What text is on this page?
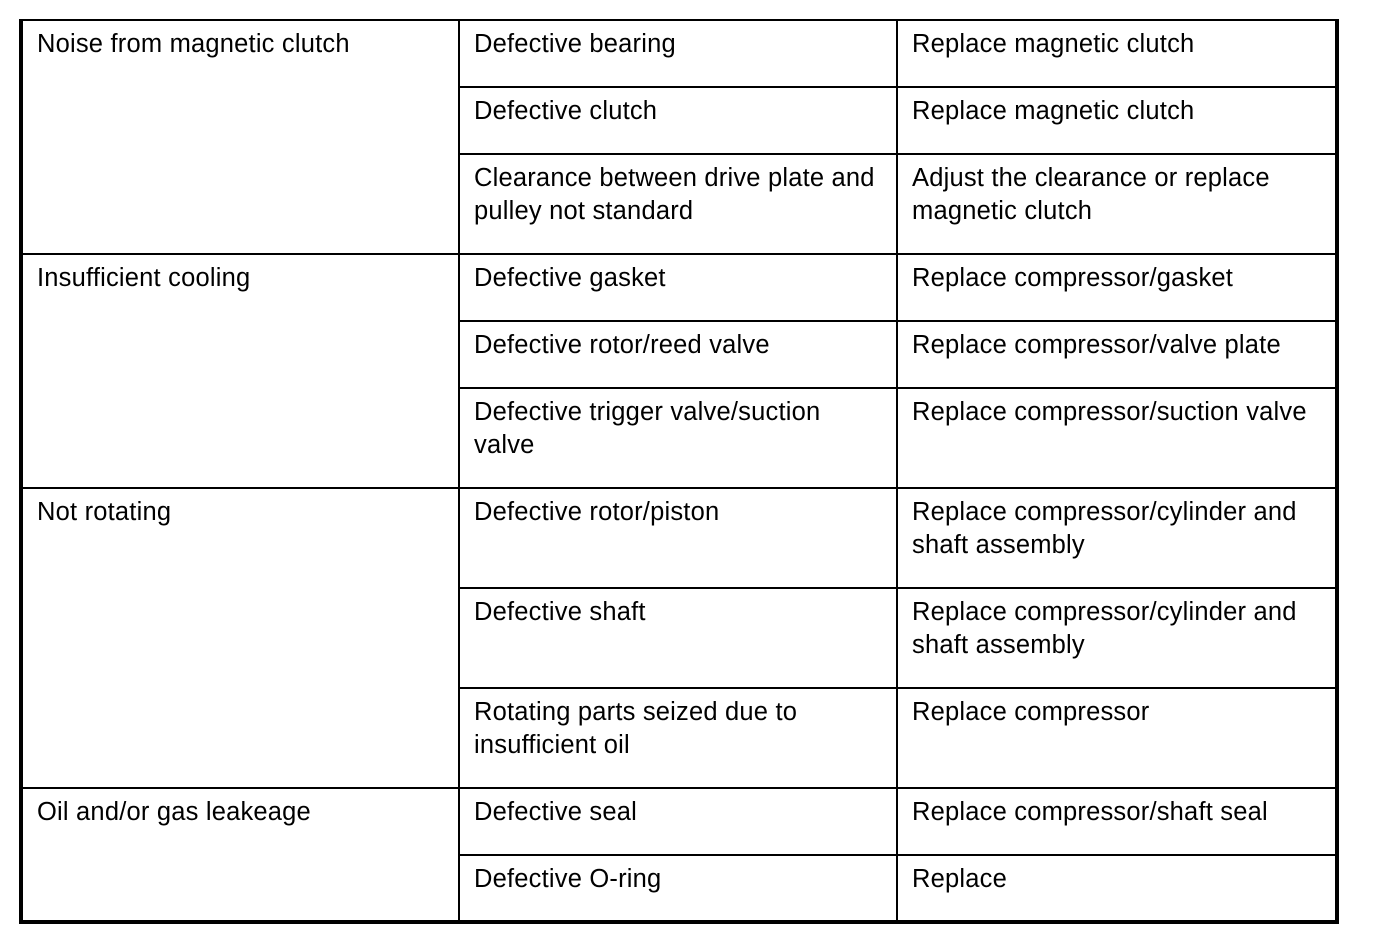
Noise from magnetic clutch	Defective bearing	Replace magnetic clutch
	Defective clutch	Replace magnetic clutch
	Clearance between drive plate and pulley not standard	Adjust the clearance or replace magnetic clutch
Insufficient cooling	Defective gasket	Replace compressor/gasket
	Defective rotor/reed valve	Replace compressor/valve plate
	Defective trigger valve/suction valve	Replace compressor/suction valve
Not rotating	Defective rotor/piston	Replace compressor/cylinder and shaft assembly
	Defective shaft	Replace compressor/cylinder and shaft assembly
	Rotating parts seized due to insufficient oil	Replace compressor
Oil and/or gas leakeage	Defective seal	Replace compressor/shaft seal
	Defective O-ring	Replace
